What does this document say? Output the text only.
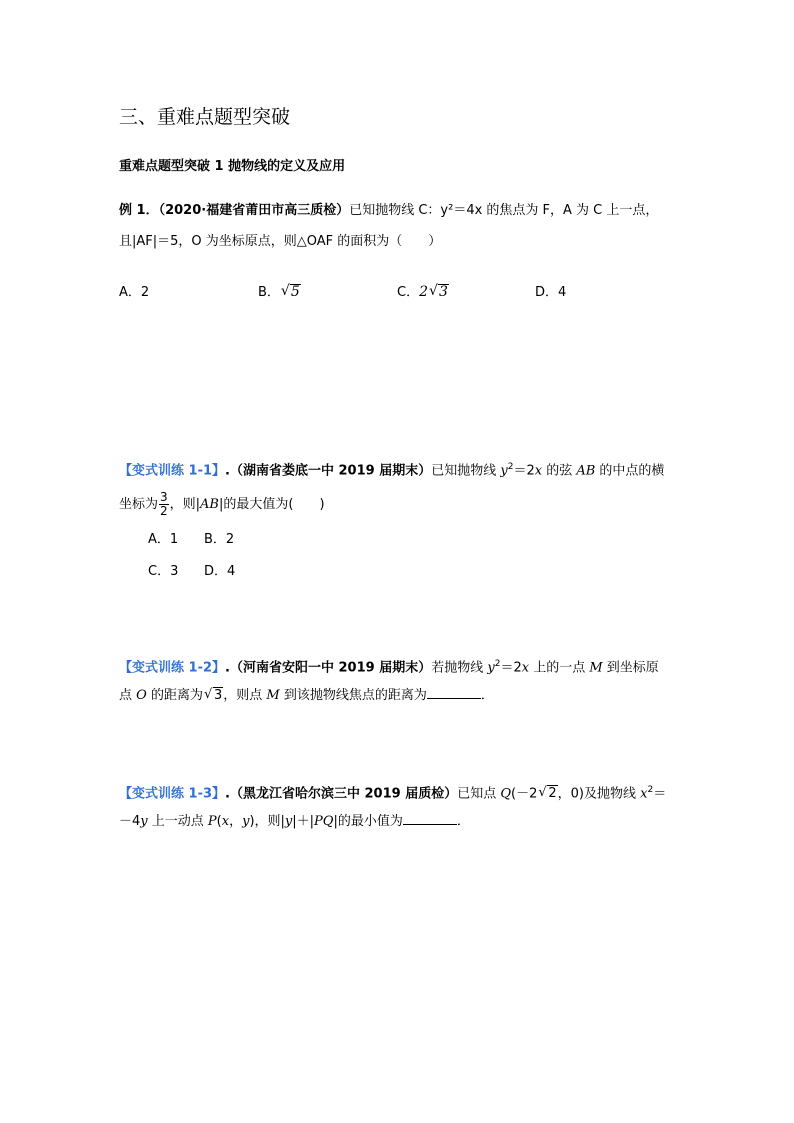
三、重难点题型突破
重难点题型突破 1 抛物线的定义及应用
例 1．（2020·福建省莆田市高三质检）已知抛物线 C：y²＝4x 的焦点为 F，A 为 C 上一点，
且|AF|＝5，O 为坐标原点，则△OAF 的面积为（　　）
A．2	B． √ 5	C．2 √ 3	D．4
【变式训练 1-1】.（湖南省娄底一中 2019 届期末）已知抛物线 $y^2=2x$ 的弦 AB 的中点的横
坐标为 $\frac{3}{2}$ ，则|AB|的最大值为(　　)
A．1 B．2
C．3 D．4
【变式训练 1-2】.（河南省安阳一中 2019 届期末）若抛物线 $y^2=2x$ 上的一点 M 到坐标原
点 O 的距离为 √ 3，则点 M 到该抛物线焦点的距离为	．
【变式训练 1-3】.（黑龙江省哈尔滨三中 2019 届质检）已知点 Q(－2 √ 2，0)及抛物线 $x^2=$
－4y 上一动点 P(x，y)，则|y|＋|PQ|的最小值为	．
